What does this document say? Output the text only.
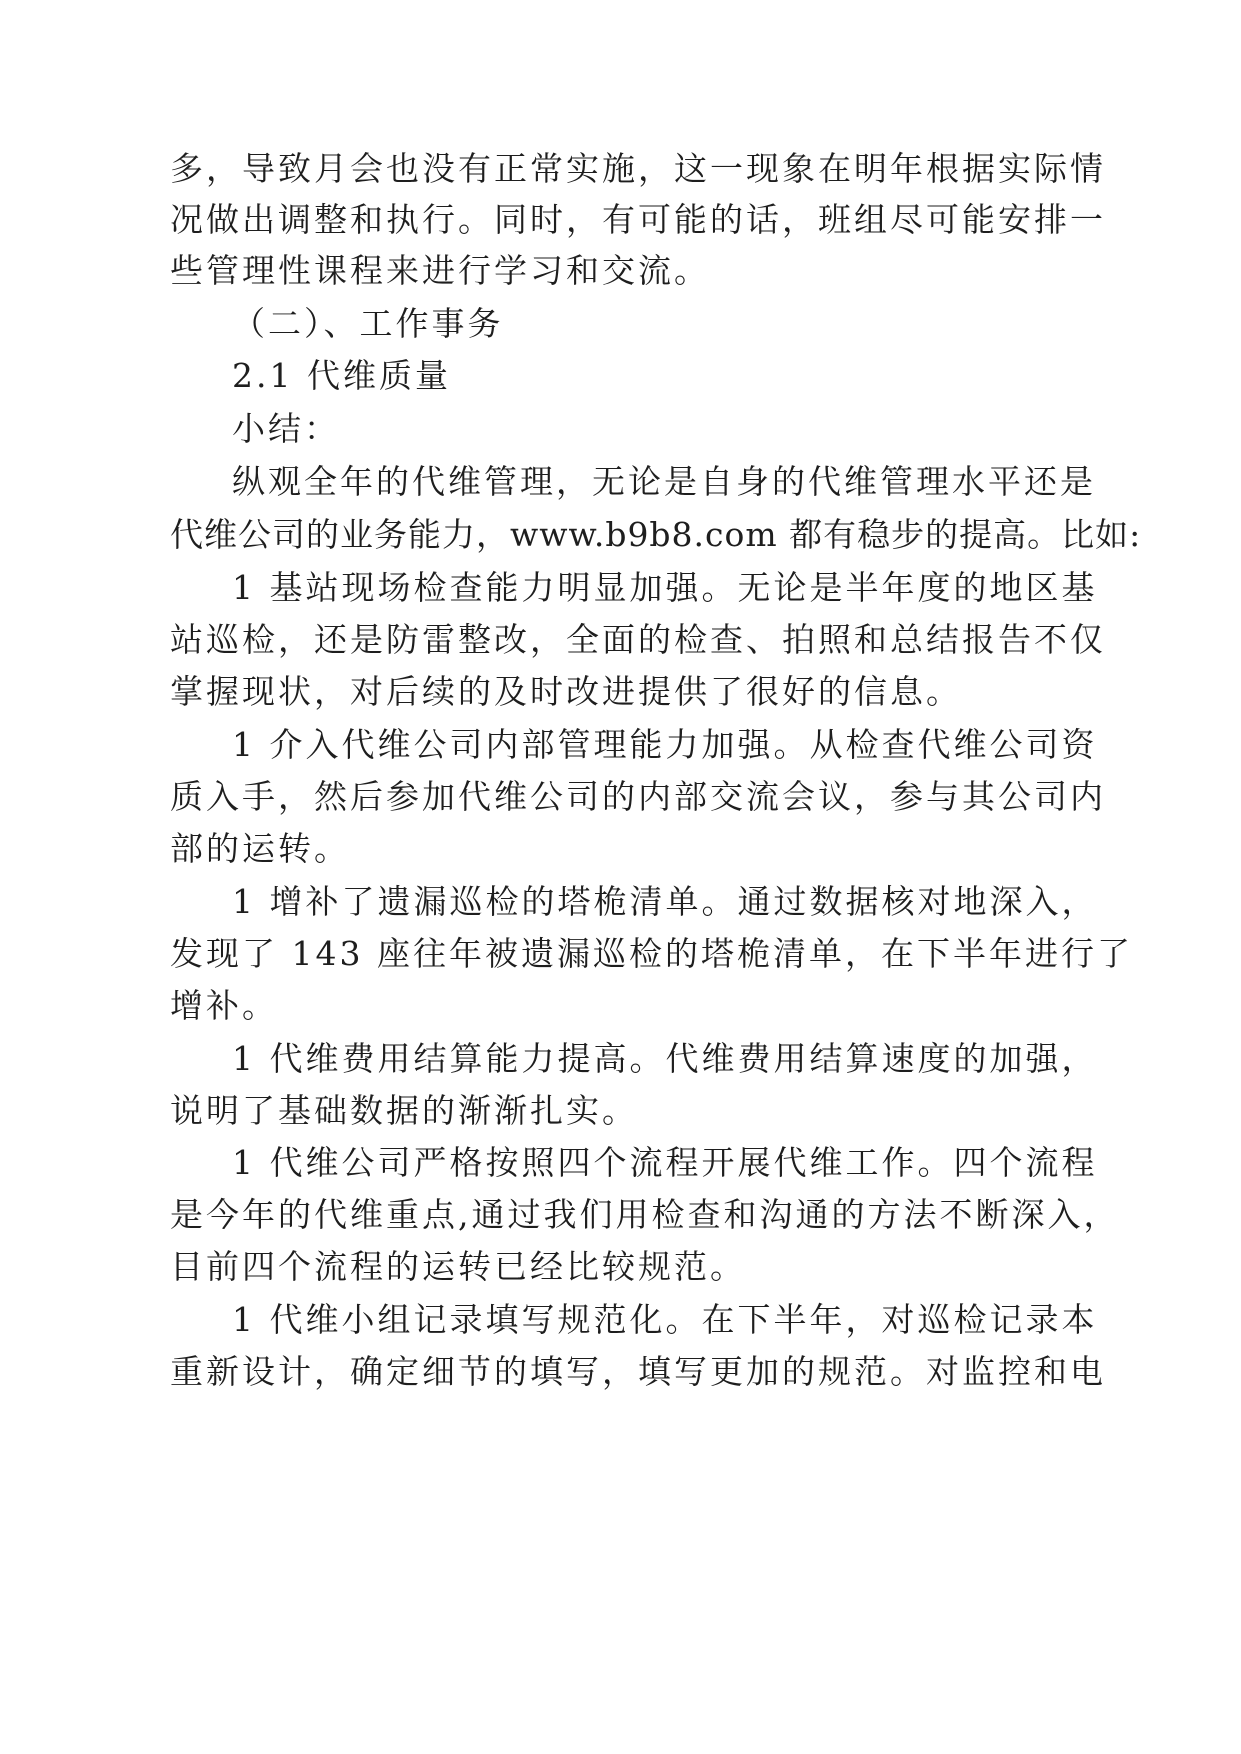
多，导致月会也没有正常实施，这一现象在明年根据实际情
况做出调整和执行。同时，有可能的话，班组尽可能安排一
些管理性课程来进行学习和交流。
（二）、工作事务
2.1 代维质量
小结：
纵观全年的代维管理，无论是自身的代维管理水平还是
代维公司的业务能力，www.b9b8.com 都有稳步的提高。比如:
1 基站现场检查能力明显加强。无论是半年度的地区基
站巡检，还是防雷整改，全面的检查、拍照和总结报告不仅
掌握现状，对后续的及时改进提供了很好的信息。
1 介入代维公司内部管理能力加强。从检查代维公司资
质入手，然后参加代维公司的内部交流会议，参与其公司内
部的运转。
1 增补了遗漏巡检的塔桅清单。通过数据核对地深入，
发现了 143 座往年被遗漏巡检的塔桅清单，在下半年进行了
增补。
1 代维费用结算能力提高。代维费用结算速度的加强，
说明了基础数据的渐渐扎实。
1 代维公司严格按照四个流程开展代维工作。四个流程
是今年的代维重点,通过我们用检查和沟通的方法不断深入，
目前四个流程的运转已经比较规范。
1 代维小组记录填写规范化。在下半年，对巡检记录本
重新设计，确定细节的填写，填写更加的规范。对监控和电
